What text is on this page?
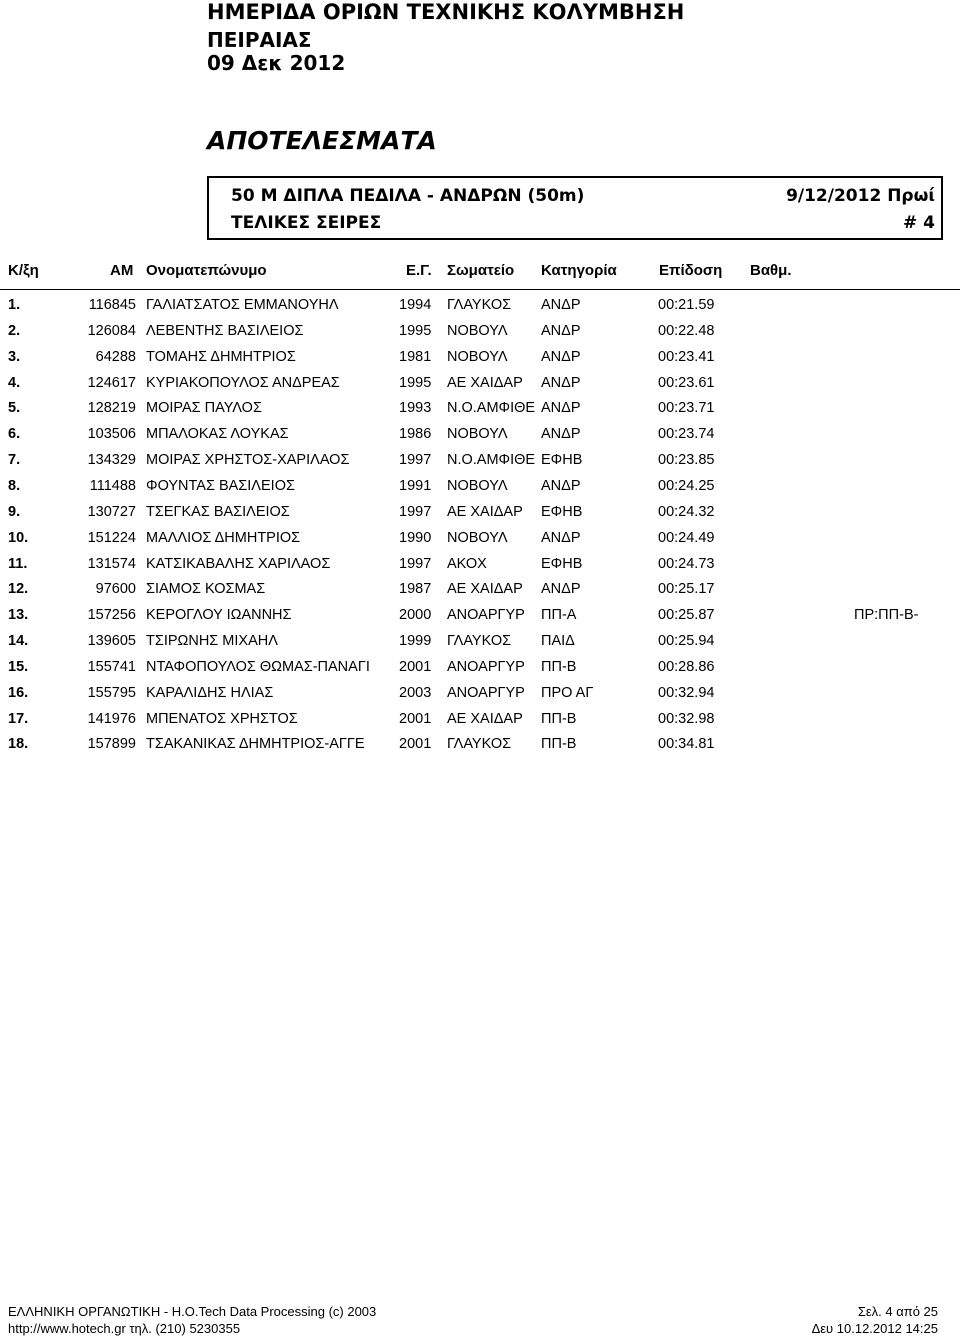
ΗΜΕΡΙΔΑ ΟΡΙΩΝ ΤΕΧΝΙΚΗΣ ΚΟΛΥΜΒΗΣΗ
ΠΕΙΡΑΙΑΣ
09 Δεκ 2012
ΑΠΟΤΕΛΕΣΜΑΤΑ
50 Μ ΔΙΠΛΑ ΠΕΔΙΛΑ - ΑΝΔΡΩΝ (50m)	9/12/2012 Πρωί
ΤΕΛΙΚΕΣ ΣΕΙΡΕΣ	# 4
Κ/ξη	ΑΜ Ονοματεπώνυμο	Ε.Γ. Σωματείο Κατηγορία	Επίδοση Βαθμ.
1.	116845 ΓΑΛΙΑΤΣΑΤΟΣ ΕΜΜΑΝΟΥΗΛ	1994 ΓΛΑΥΚΟΣ ΑΝΔΡ	00:21.59
2.	126084 ΛΕΒΕΝΤΗΣ ΒΑΣΙΛΕΙΟΣ	1995 ΝΟΒΟΥΛ ΑΝΔΡ	00:22.48
3.	64288 ΤΟΜΑΗΣ ΔΗΜΗΤΡΙΟΣ	1981 ΝΟΒΟΥΛ ΑΝΔΡ	00:23.41
4.	124617 ΚΥΡΙΑΚΟΠΟΥΛΟΣ ΑΝΔΡΕΑΣ	1995 ΑΕ ΧΑΙΔΑΡ ΑΝΔΡ	00:23.61
5.	128219 ΜΟΙΡΑΣ ΠΑΥΛΟΣ	1993 Ν.Ο.ΑΜΦΙΘΕ ΑΝΔΡ	00:23.71
6.	103506 ΜΠΑΛΟΚΑΣ ΛΟΥΚΑΣ	1986 ΝΟΒΟΥΛ ΑΝΔΡ	00:23.74
7.	134329 ΜΟΙΡΑΣ ΧΡΗΣΤΟΣ-ΧΑΡΙΛΑΟΣ	1997 Ν.Ο.ΑΜΦΙΘΕ ΕΦΗΒ	00:23.85
8.	111488 ΦΟΥΝΤΑΣ ΒΑΣΙΛΕΙΟΣ	1991 ΝΟΒΟΥΛ ΑΝΔΡ	00:24.25
9.	130727 ΤΣΕΓΚΑΣ ΒΑΣΙΛΕΙΟΣ	1997 ΑΕ ΧΑΙΔΑΡ ΕΦΗΒ	00:24.32
10.	151224 ΜΑΛΛΙΟΣ ΔΗΜΗΤΡΙΟΣ	1990 ΝΟΒΟΥΛ ΑΝΔΡ	00:24.49
11.	131574 ΚΑΤΣΙΚΑΒΑΛΗΣ ΧΑΡΙΛΑΟΣ	1997 ΑΚΟΧ	ΕΦΗΒ	00:24.73
12.	97600 ΣΙΑΜΟΣ ΚΟΣΜΑΣ	1987 ΑΕ ΧΑΙΔΑΡ ΑΝΔΡ	00:25.17
13.	157256 ΚΕΡΟΓΛΟΥ ΙΩΑΝΝΗΣ	2000 ΑΝΟΑΡΓΥΡ ΠΠ-Α	00:25.87	ΠΡ:ΠΠ-Β-
14.	139605 ΤΣΙΡΩΝΗΣ ΜΙΧΑΗΛ	1999 ΓΛΑΥΚΟΣ ΠΑΙΔ	00:25.94
15.	155741 ΝΤΑΦΟΠΟΥΛΟΣ ΘΩΜΑΣ-ΠΑΝΑΓΙ 2001 ΑΝΟΑΡΓΥΡ ΠΠ-Β	00:28.86
16.	155795 ΚΑΡΑΛΙΔΗΣ ΗΛΙΑΣ	2003 ΑΝΟΑΡΓΥΡ ΠΡΟ ΑΓ	00:32.94
17.	141976 ΜΠΕΝΑΤΟΣ ΧΡΗΣΤΟΣ	2001 ΑΕ ΧΑΙΔΑΡ ΠΠ-Β	00:32.98
18.	157899 ΤΣΑΚΑΝΙΚΑΣ ΔΗΜΗΤΡΙΟΣ-ΑΓΓΕ 2001 ΓΛΑΥΚΟΣ ΠΠ-Β	00:34.81
ΕΛΛΗΝΙΚΗ ΟΡΓΑΝΩΤΙΚΗ - Η.Ο.Tech Data Processing (c) 2003
http://www.hotech.gr τηλ. (210) 5230355
Σελ. 4 από 25
Δευ 10.12.2012 14:25
